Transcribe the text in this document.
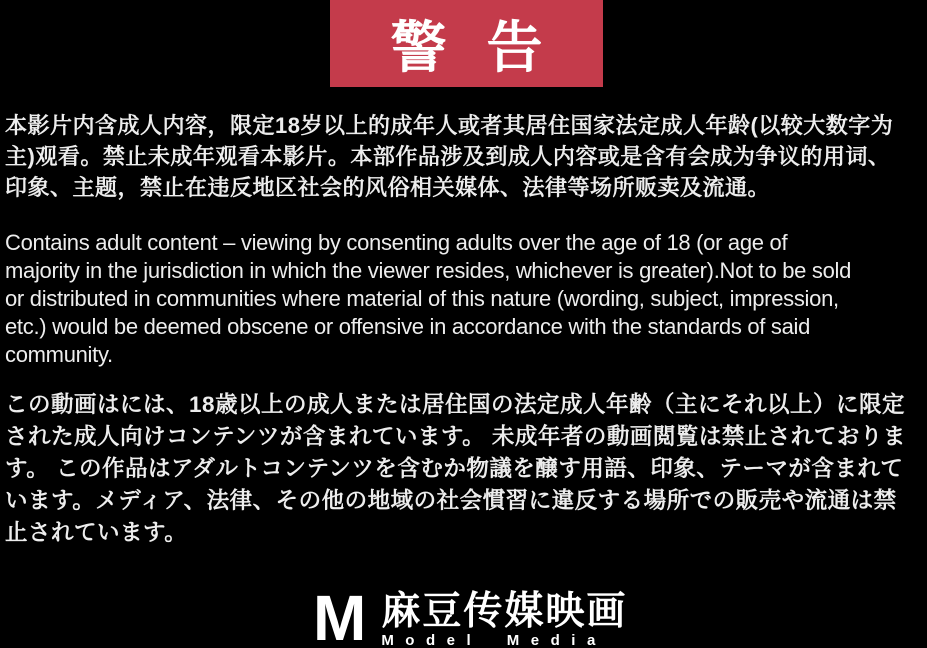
警告
本影片内含成人内容，限定18岁以上的成年人或者其居住国家法定成人年龄(以较大数字为
主)观看。禁止未成年观看本影片。本部作品涉及到成人内容或是含有会成为争议的用词、
印象、主题，禁止在违反地区社会的风俗相关媒体、法律等场所贩卖及流通。
Contains adult content – viewing by consenting adults over the age of 18 (or age of
majority in the jurisdiction in which the viewer resides, whichever is greater).Not to be sold
or distributed in communities where material of this nature (wording, subject, impression,
etc.) would be deemed obscene or offensive in accordance with the standards of said
community.
この動画はには、18歳以上の成人または居住国の法定成人年齢（主にそれ以上）に限定
された成人向けコンテンツが含まれています。 未成年者の動画閲覧は禁止されておりま
す。 この作品はアダルトコンテンツを含むか物議を醸す用語、印象、テーマが含まれて
います。メディア、法律、その他の地域の社会慣習に違反する場所での販売や流通は禁
止されています。
M 麻豆传媒映画
Model Media
